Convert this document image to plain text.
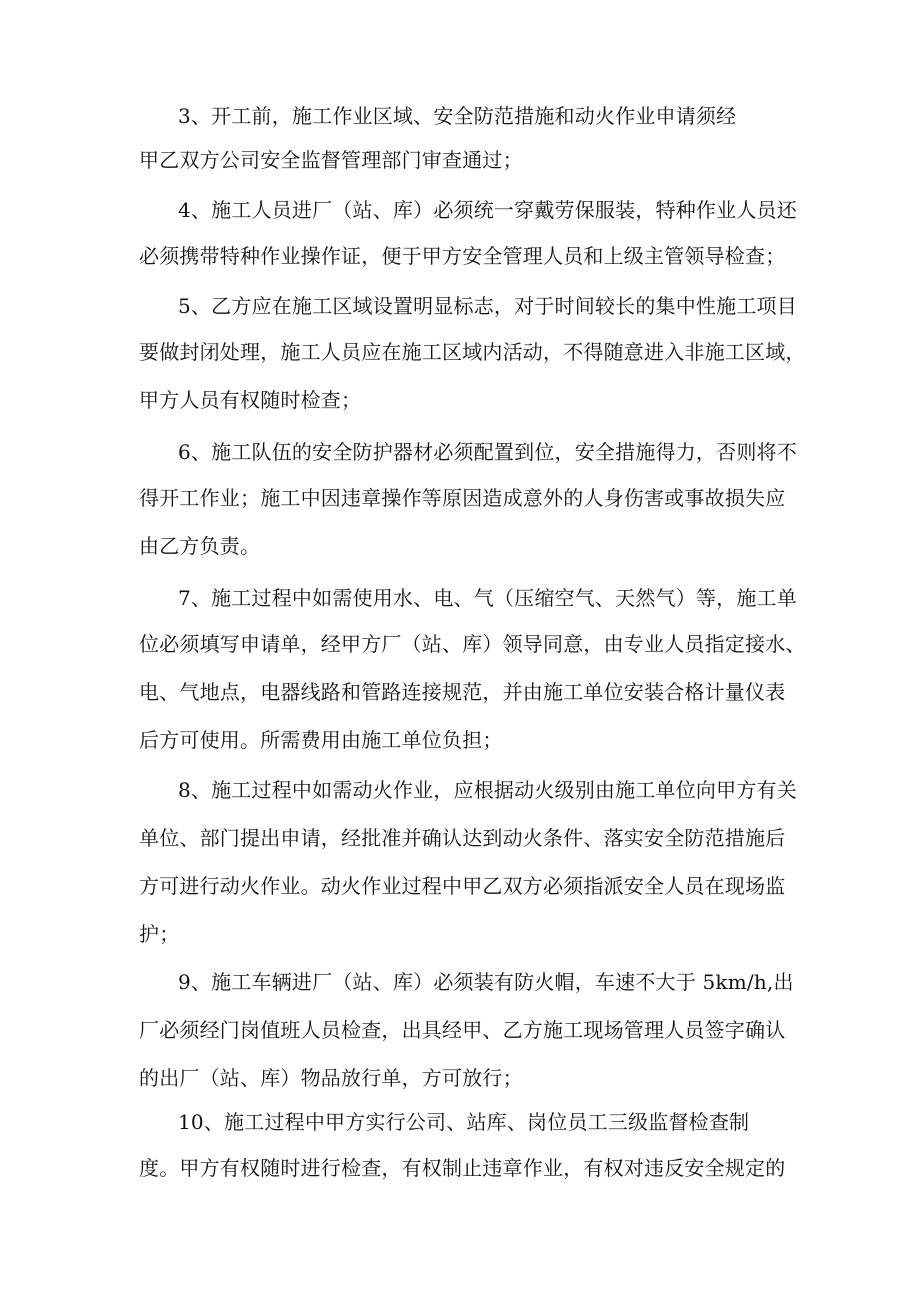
3、开工前，施工作业区域、安全防范措施和动火作业申请须经
甲乙双方公司安全监督管理部门审查通过；
4、施工人员进厂（站、库）必须统一穿戴劳保服装，特种作业人员还
必须携带特种作业操作证，便于甲方安全管理人员和上级主管领导检查；
5、乙方应在施工区域设置明显标志，对于时间较长的集中性施工项目
要做封闭处理，施工人员应在施工区域内活动，不得随意进入非施工区域，
甲方人员有权随时检查；
6、施工队伍的安全防护器材必须配置到位，安全措施得力，否则将不
得开工作业；施工中因违章操作等原因造成意外的人身伤害或事故损失应
由乙方负责。
7、施工过程中如需使用水、电、气（压缩空气、天然气）等，施工单
位必须填写申请单，经甲方厂（站、库）领导同意，由专业人员指定接水、
电、气地点，电器线路和管路连接规范，并由施工单位安装合格计量仪表
后方可使用。所需费用由施工单位负担；
8、施工过程中如需动火作业，应根据动火级别由施工单位向甲方有关
单位、部门提出申请，经批准并确认达到动火条件、落实安全防范措施后
方可进行动火作业。动火作业过程中甲乙双方必须指派安全人员在现场监
护；
9、施工车辆进厂（站、库）必须装有防火帽，车速不大于 5km/h,出
厂必须经门岗值班人员检查，出具经甲、乙方施工现场管理人员签字确认
的出厂（站、库）物品放行单，方可放行；
10、施工过程中甲方实行公司、站库、岗位员工三级监督检查制
度。甲方有权随时进行检查，有权制止违章作业，有权对违反安全规定的
